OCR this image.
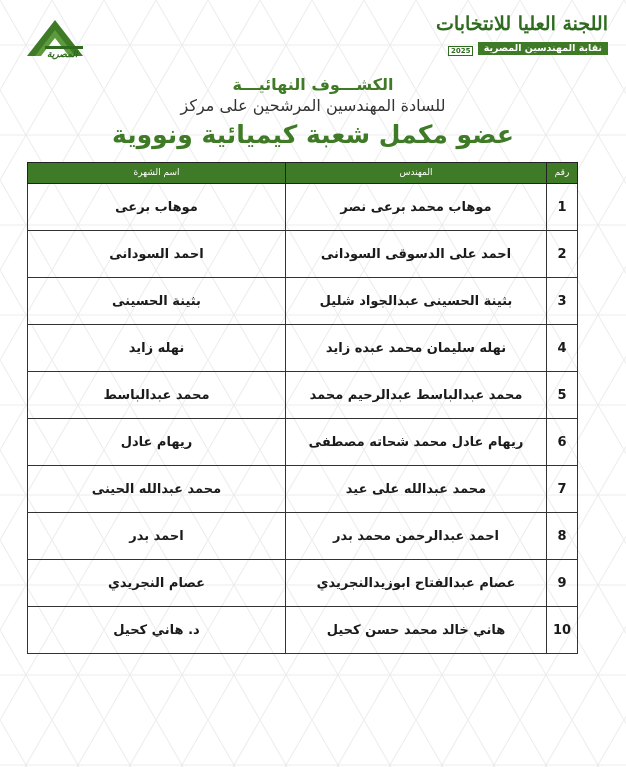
المصرية
اللجنة العليا للانتخابات
نقابة المهندسين المصرية
2025
الكشـــوف النهائيـــة
للسادة المهندسين المرشحين على مركز
عضو مكمل شعبة كيميائية ونووية
رقم	المهندس	اسم الشهرة
1	موهاب محمد برعى نصر	موهاب برعى
2	احمد على الدسوقى السودانى	احمد السودانى
3	بثينة الحسينى عبدالجواد شليل	بثينة الحسينى
4	نهله سليمان محمد عبده زايد	نهله زايد
5	محمد عبدالباسط عبدالرحيم محمد	محمد عبدالباسط
6	ريهام عادل محمد شحاته مصطفى	ريهام عادل
7	محمد عبدالله على عيد	محمد عبدالله الحينى
8	احمد عبدالرحمن محمد بدر	احمد بدر
9	عصام عبدالفتاح ابوزيدالنجريدي	عصام النجريدي
10	هاني خالد محمد حسن كحيل	د. هاني كحيل
